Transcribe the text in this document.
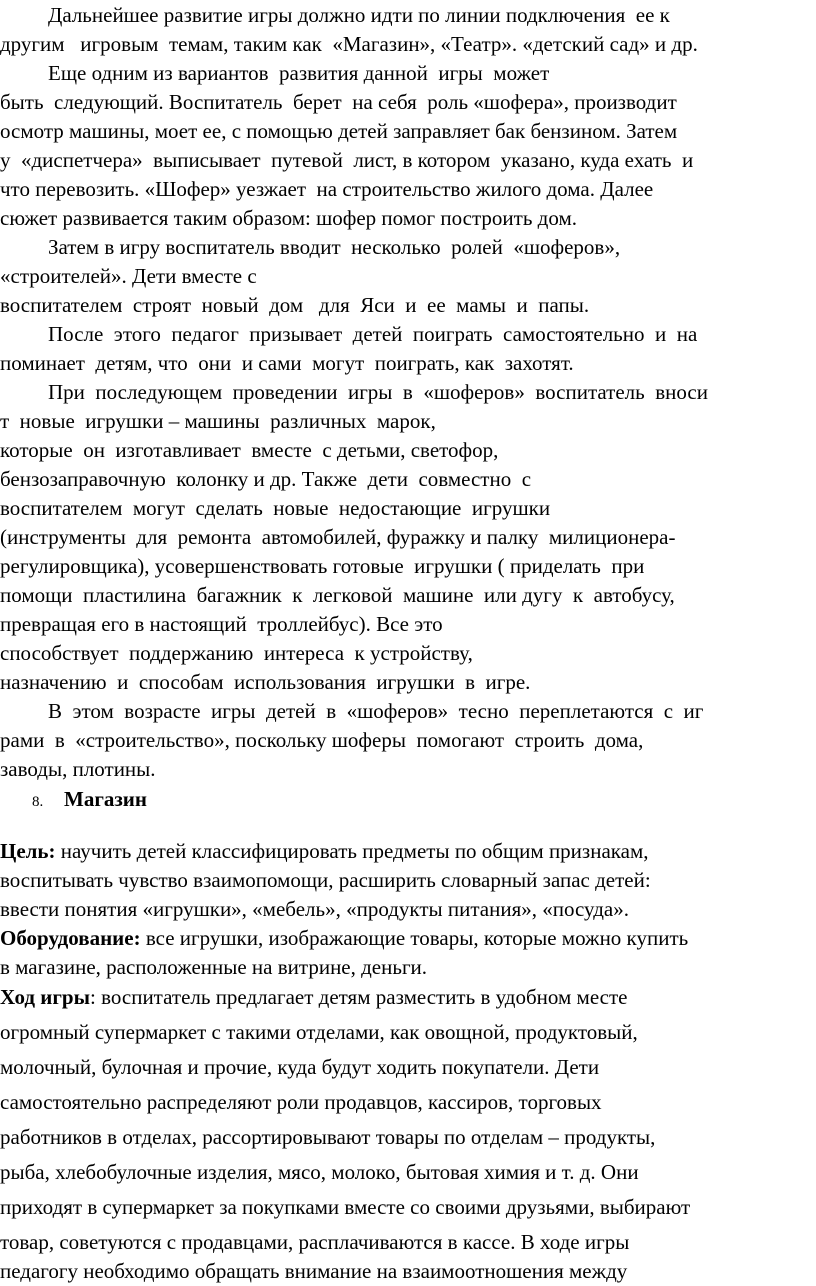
Дальнейшее развитие игры должно идти по линии подключения  ее к
другим   игровым  темам, таким как  «Магазин», «Театр». «детский сад» и др.
Еще одним из вариантов  развития данной  игры  может
быть  следующий. Воспитатель  берет  на себя  роль «шофера», производит
осмотр машины, моет ее, с помощью детей заправляет бак бензином. Затем
у  «диспетчера»  выписывает  путевой  лист, в котором  указано, куда ехать  и
что перевозить. «Шофер» уезжает  на строительство жилого дома. Далее
сюжет развивается таким образом: шофер помог построить дом.
Затем в игру воспитатель вводит  несколько  ролей  «шоферов»,
«строителей». Дети вместе с
воспитателем  строят  новый  дом   для  Яси  и  ее  мамы  и  папы.
После  этого  педагог  призывает  детей  поиграть  самостоятельно  и  на
поминает  детям, что  они  и сами  могут  поиграть, как  захотят.
При  последующем  проведении  игры  в  «шоферов»  воспитатель  вноси
т  новые  игрушки – машины  различных  марок,
которые  он  изготавливает  вместе  с детьми, светофор,
бензозаправочную  колонку и др. Также  дети  совместно  с
воспитателем  могут  сделать  новые  недостающие  игрушки
(инструменты  для  ремонта  автомобилей, фуражку и палку  милиционера-
регулировщика), усовершенствовать готовые  игрушки ( приделать  при
помощи  пластилина  багажник  к  легковой  машине  или дугу  к  автобусу,
превращая его в настоящий  троллейбус). Все это
способствует  поддержанию  интереса  к устройству,
назначению  и  способам  использования  игрушки  в  игре.
В  этом  возрасте  игры  детей  в  «шоферов»  тесно  переплетаются  с  иг
рами  в  «строительство», поскольку шоферы  помогают  строить  дома,
заводы, плотины.
8. Магазин
Цель: научить детей классифицировать предметы по общим признакам,
воспитывать чувство взаимопомощи, расширить словарный запас детей:
ввести понятия «игрушки», «мебель», «продукты питания», «посуда».
Оборудование: все игрушки, изображающие товары, которые можно купить
в магазине, расположенные на витрине, деньги.
Ход игры: воспитатель предлагает детям разместить в удобном месте
огромный супермаркет с такими отделами, как овощной, продуктовый,
молочный, булочная и прочие, куда будут ходить покупатели. Дети
самостоятельно распределяют роли продавцов, кассиров, торговых
работников в отделах, рассортировывают товары по отделам – продукты,
рыба, хлебобулочные изделия, мясо, молоко, бытовая химия и т. д. Они
приходят в супермаркет за покупками вместе со своими друзьями, выбирают
товар, советуются с продавцами, расплачиваются в кассе. В ходе игры
педагогу необходимо обращать внимание на взаимоотношения между
